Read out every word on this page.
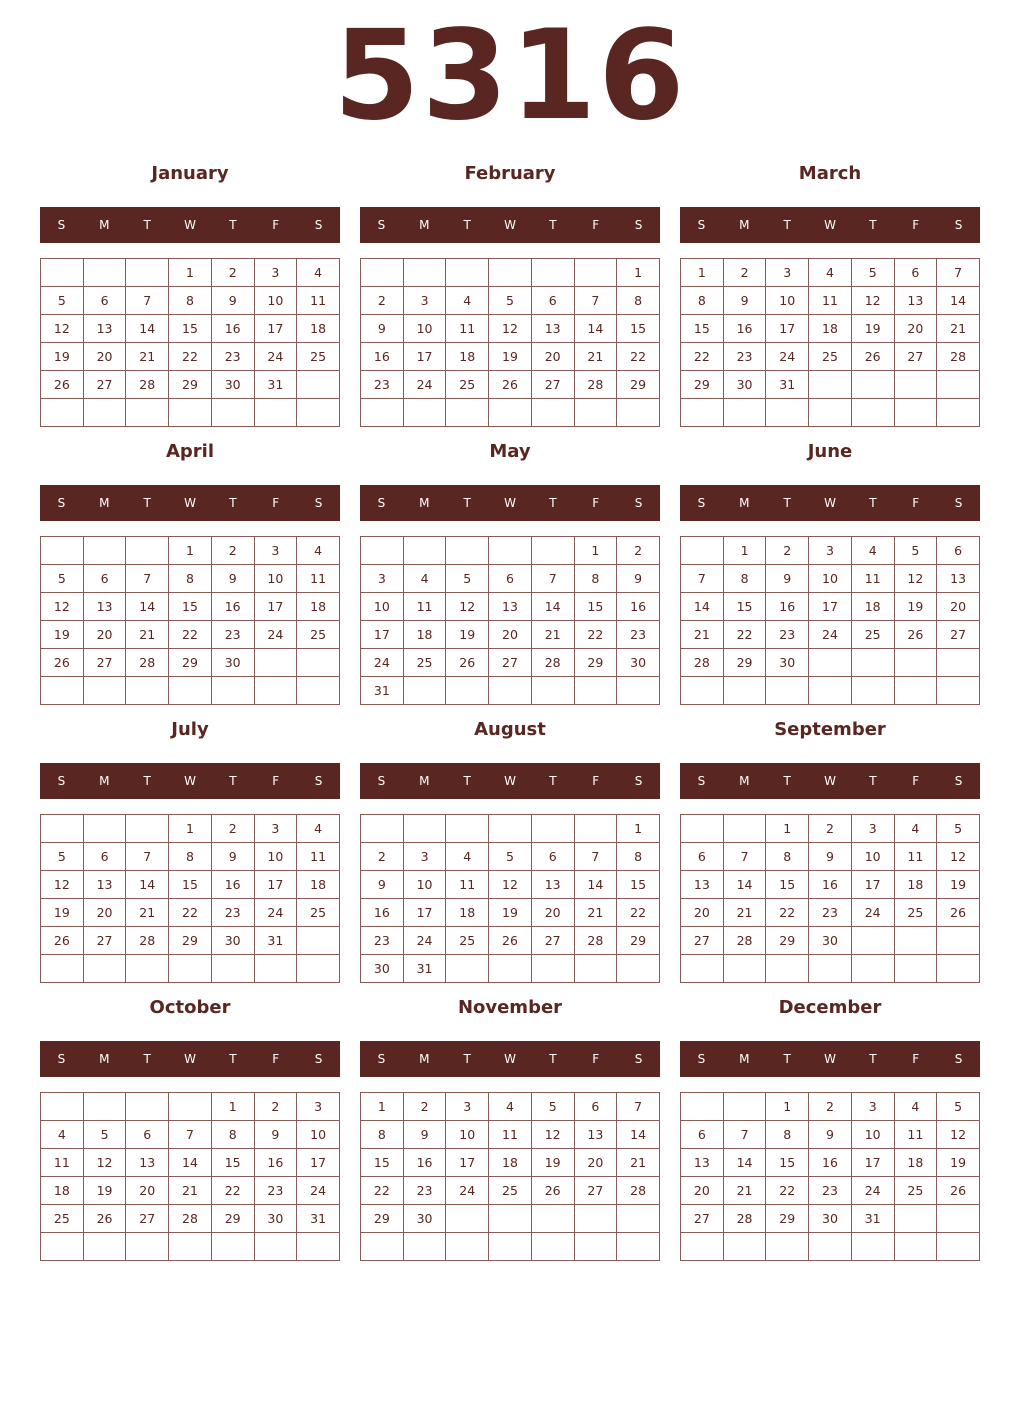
5316
January
S	M	T	W	T	F	S
			1	2	3	4
5	6	7	8	9	10	11
12	13	14	15	16	17	18
19	20	21	22	23	24	25
26	27	28	29	30	31	

February
S	M	T	W	T	F	S
						1
2	3	4	5	6	7	8
9	10	11	12	13	14	15
16	17	18	19	20	21	22
23	24	25	26	27	28	29

March
S	M	T	W	T	F	S
1	2	3	4	5	6	7
8	9	10	11	12	13	14
15	16	17	18	19	20	21
22	23	24	25	26	27	28
29	30	31				

April
S	M	T	W	T	F	S
			1	2	3	4
5	6	7	8	9	10	11
12	13	14	15	16	17	18
19	20	21	22	23	24	25
26	27	28	29	30		

May
S	M	T	W	T	F	S
					1	2
3	4	5	6	7	8	9
10	11	12	13	14	15	16
17	18	19	20	21	22	23
24	25	26	27	28	29	30
31						
June
S	M	T	W	T	F	S
	1	2	3	4	5	6
7	8	9	10	11	12	13
14	15	16	17	18	19	20
21	22	23	24	25	26	27
28	29	30				

July
S	M	T	W	T	F	S
			1	2	3	4
5	6	7	8	9	10	11
12	13	14	15	16	17	18
19	20	21	22	23	24	25
26	27	28	29	30	31	

August
S	M	T	W	T	F	S
						1
2	3	4	5	6	7	8
9	10	11	12	13	14	15
16	17	18	19	20	21	22
23	24	25	26	27	28	29
30	31					
September
S	M	T	W	T	F	S
		1	2	3	4	5
6	7	8	9	10	11	12
13	14	15	16	17	18	19
20	21	22	23	24	25	26
27	28	29	30			

October
S	M	T	W	T	F	S
				1	2	3
4	5	6	7	8	9	10
11	12	13	14	15	16	17
18	19	20	21	22	23	24
25	26	27	28	29	30	31

November
S	M	T	W	T	F	S
1	2	3	4	5	6	7
8	9	10	11	12	13	14
15	16	17	18	19	20	21
22	23	24	25	26	27	28
29	30					

December
S	M	T	W	T	F	S
		1	2	3	4	5
6	7	8	9	10	11	12
13	14	15	16	17	18	19
20	21	22	23	24	25	26
27	28	29	30	31		
